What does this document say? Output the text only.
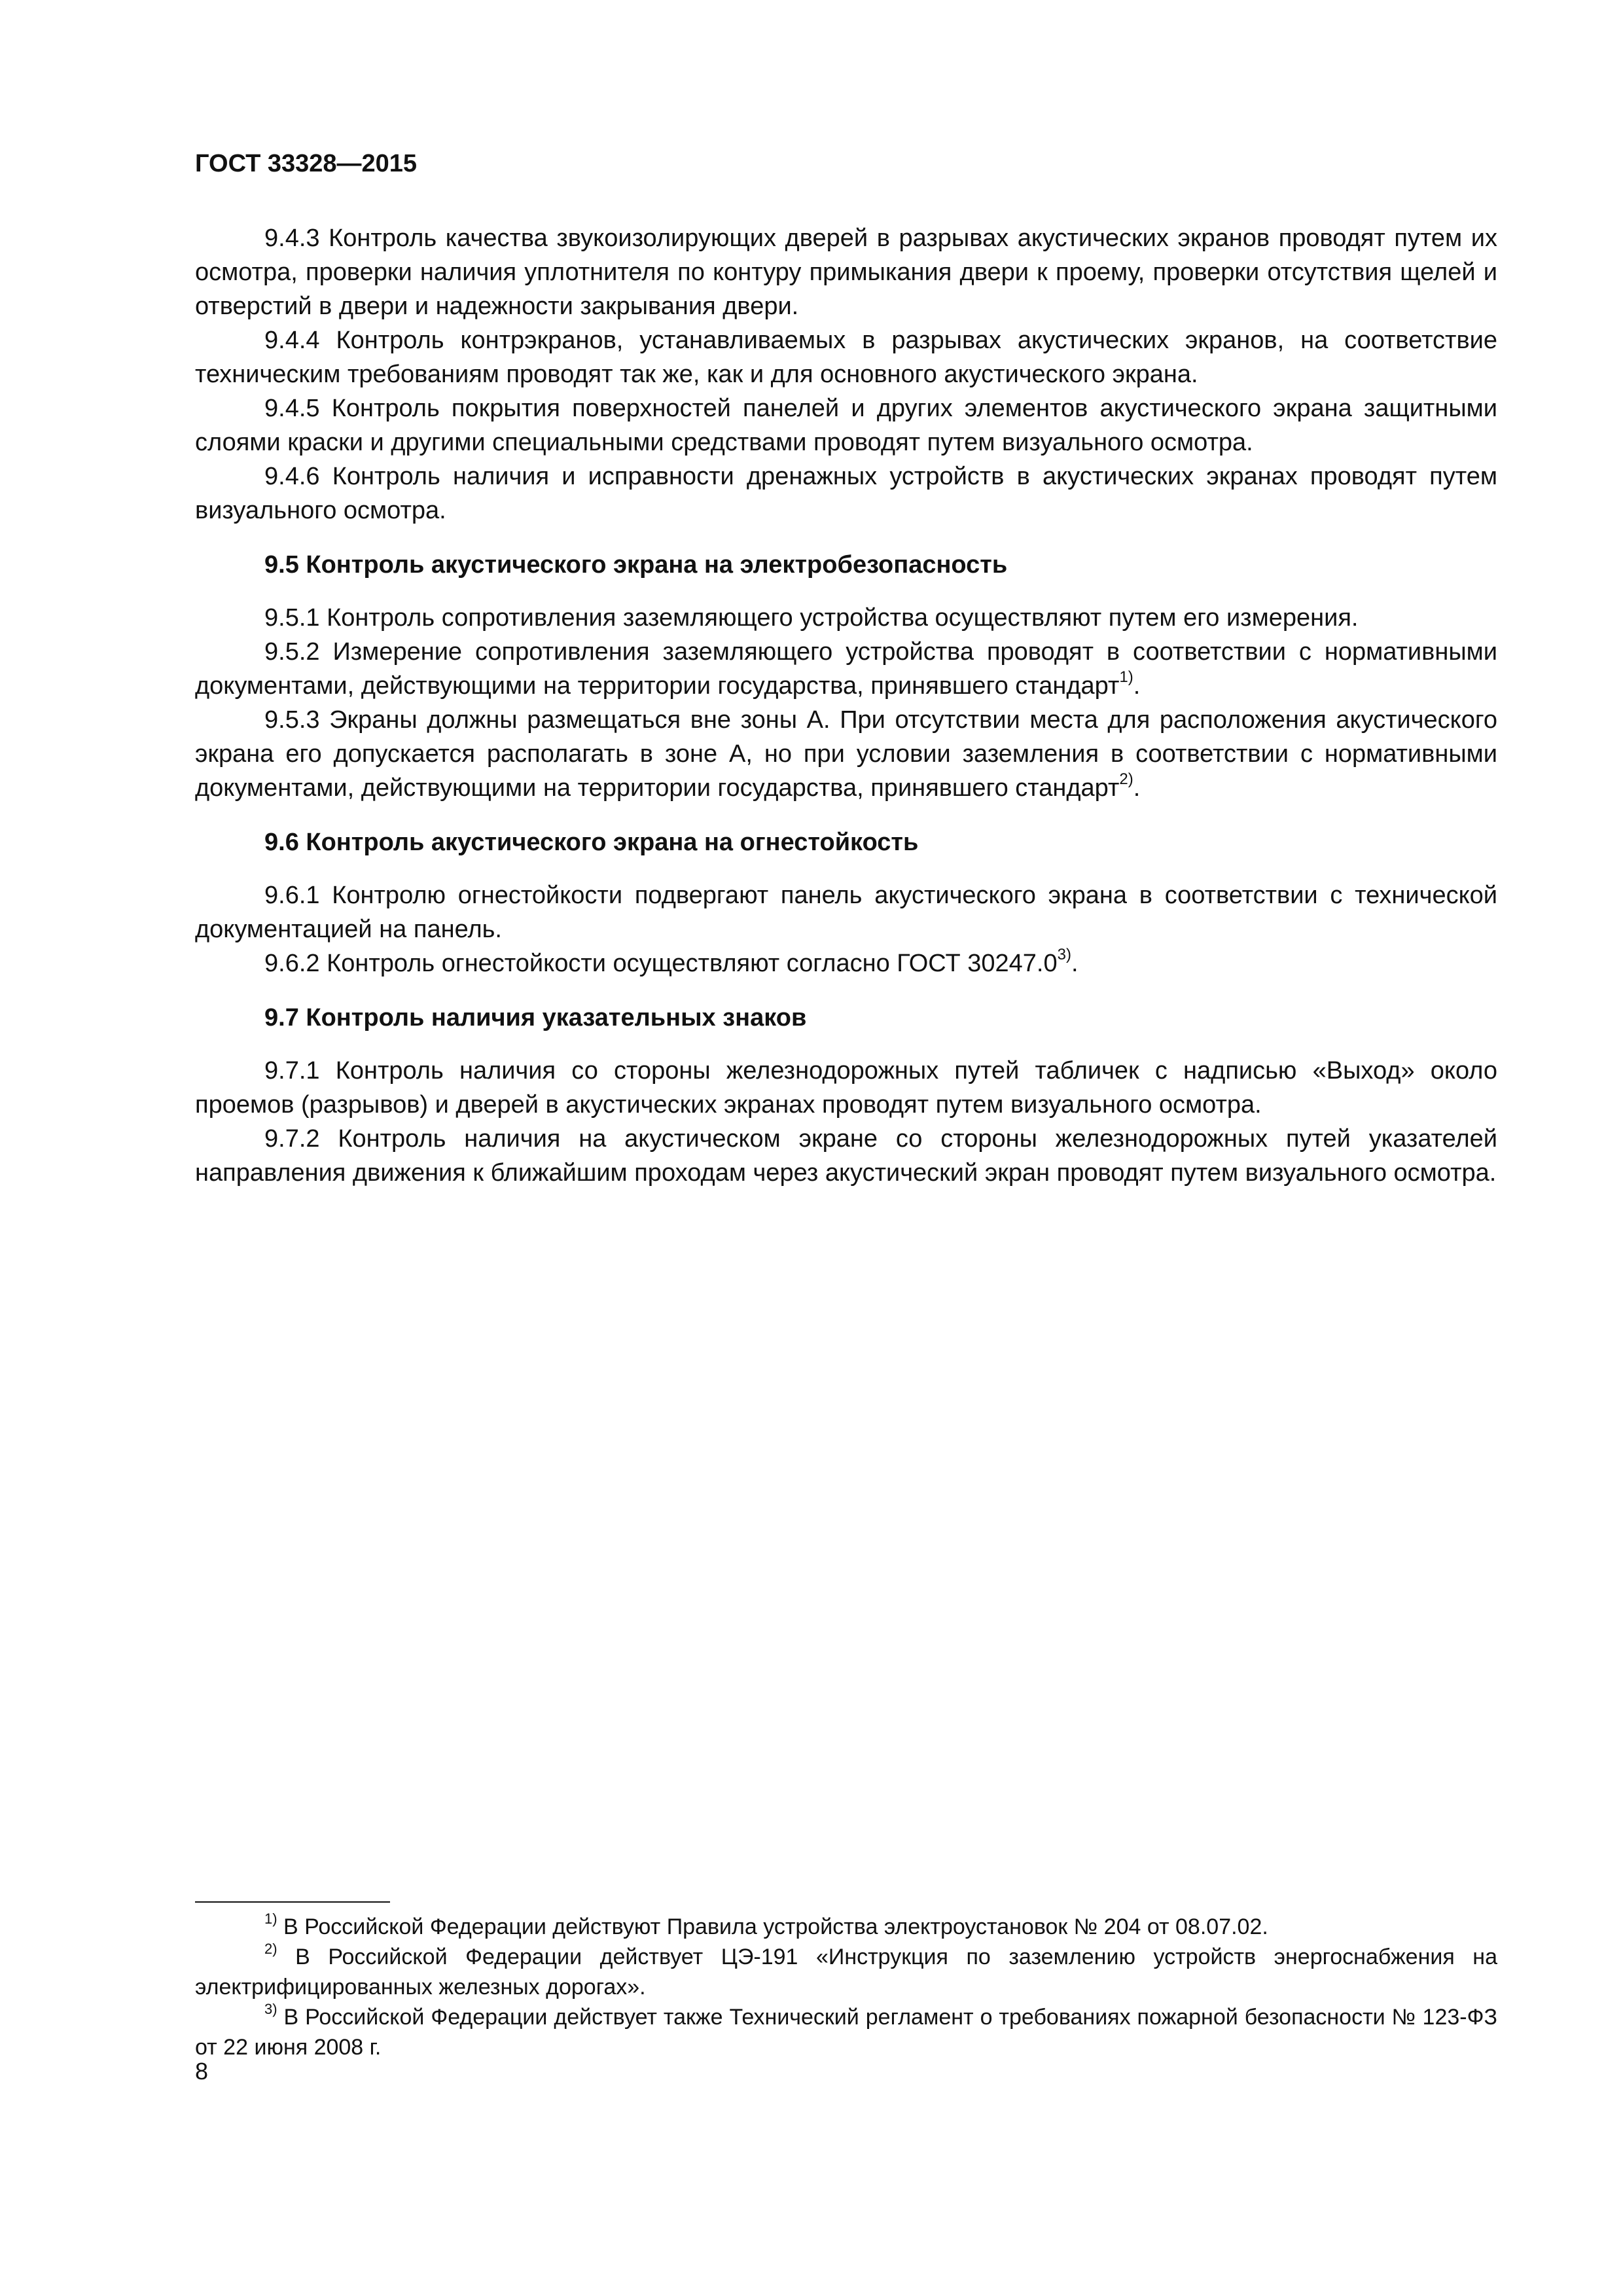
ГОСТ 33328—2015

9.4.3 Контроль качества звукоизолирующих дверей в разрывах акустических экранов проводят путем их осмотра, проверки наличия уплотнителя по контуру примыкания двери к проему, проверки отсутствия щелей и отверстий в двери и надежности закрывания двери.

9.4.4 Контроль контрэкранов, устанавливаемых в разрывах акустических экранов, на соответствие техническим требованиям проводят так же, как и для основного акустического экрана.

9.4.5 Контроль покрытия поверхностей панелей и других элементов акустического экрана защитными слоями краски и другими специальными средствами проводят путем визуального осмотра.

9.4.6 Контроль наличия и исправности дренажных устройств в акустических экранах проводят путем визуального осмотра.

9.5 Контроль акустического экрана на электробезопасность

9.5.1 Контроль сопротивления заземляющего устройства осуществляют путем его измерения.

9.5.2 Измерение сопротивления заземляющего устройства проводят в соответствии с нормативными документами, действующими на территории государства, принявшего стандарт$^{1)}$.

9.5.3 Экраны должны размещаться вне зоны А. При отсутствии места для расположения акустического экрана его допускается располагать в зоне А, но при условии заземления в соответствии с нормативными документами, действующими на территории государства, принявшего стандарт$^{2)}$.

9.6 Контроль акустического экрана на огнестойкость

9.6.1 Контролю огнестойкости подвергают панель акустического экрана в соответствии с технической документацией на панель.

9.6.2 Контроль огнестойкости осуществляют согласно ГОСТ 30247.0$^{3)}$.

9.7 Контроль наличия указательных знаков

9.7.1 Контроль наличия со стороны железнодорожных путей табличек с надписью «Выход» около проемов (разрывов) и дверей в акустических экранах проводят путем визуального осмотра.

9.7.2 Контроль наличия на акустическом экране со стороны железнодорожных путей указателей направления движения к ближайшим проходам через акустический экран проводят путем визуального осмотра.

$^{1)}$ В Российской Федерации действуют Правила устройства электроустановок № 204 от 08.07.02.

$^{2)}$ В Российской Федерации действует ЦЭ-191 «Инструкция по заземлению устройств энергоснабжения на электрифицированных железных дорогах».

$^{3)}$ В Российской Федерации действует также Технический регламент о требованиях пожарной безопасности № 123-ФЗ от 22 июня 2008 г.

8
